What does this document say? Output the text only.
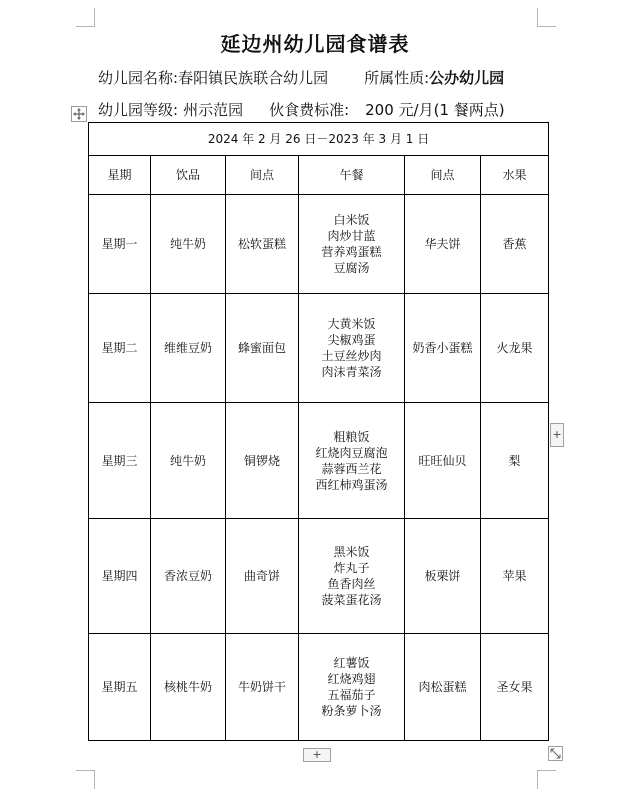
延边州幼儿园食谱表
幼儿园名称:春阳镇民族联合幼儿园 所属性质:公办幼儿园
幼儿园等级: 州示范园 伙食费标准: 200 元/月(1 餐两点)
2024 年 2 月 26 日－2023 年 3 月 1 日					
星期	饮品	间点	午餐	间点	水果
星期一	纯牛奶	松软蛋糕	白米饭
肉炒甘蓝
营养鸡蛋糕
豆腐汤	华夫饼	香蕉
星期二	维维豆奶	蜂蜜面包	大黄米饭
尖椒鸡蛋
土豆丝炒肉
肉沫青菜汤	奶香小蛋糕	火龙果
星期三	纯牛奶	铜锣烧	粗粮饭
红烧肉豆腐泡
蒜蓉西兰花
西红柿鸡蛋汤	旺旺仙贝	梨
星期四	香浓豆奶	曲奇饼	黑米饭
炸丸子
鱼香肉丝
菠菜蛋花汤	板栗饼	苹果
星期五	核桃牛奶	牛奶饼干	红薯饭
红烧鸡翅
五福茄子
粉条萝卜汤	肉松蛋糕	圣女果
+
+
